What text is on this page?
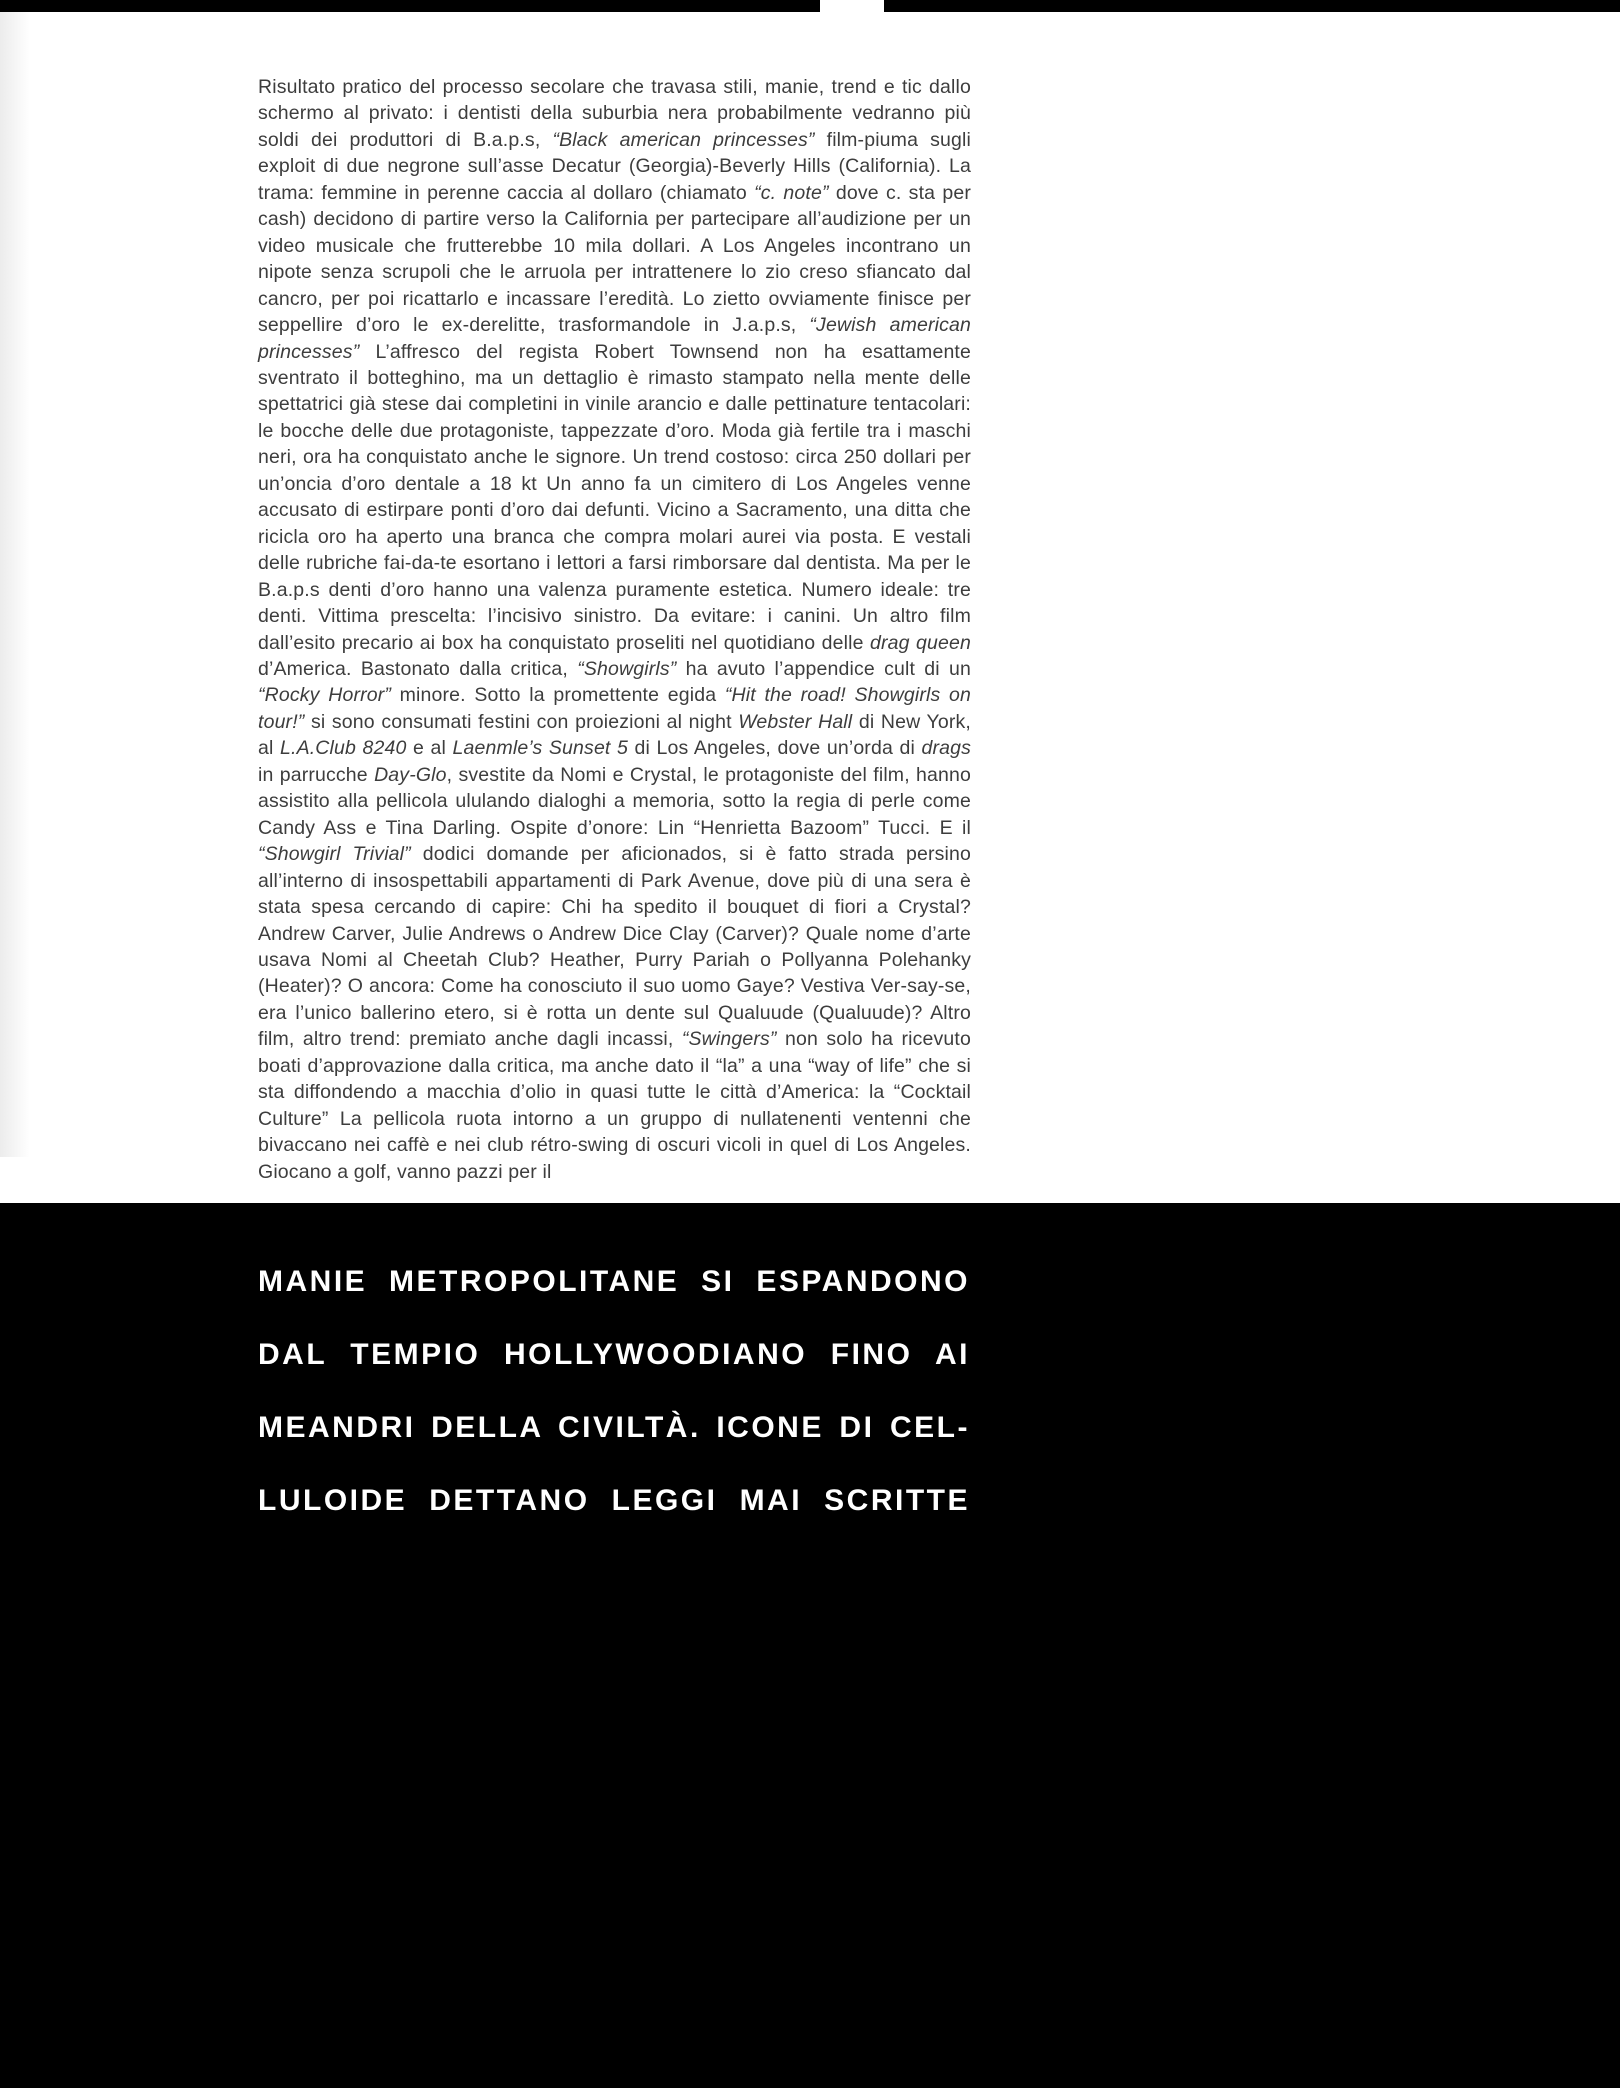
Risultato pratico del processo secolare che travasa stili, manie, trend e tic dallo schermo al privato: i dentisti della suburbia nera probabilmente vedranno più soldi dei produttori di B.a.p.s, “Black american princesses” film-piuma sugli exploit di due negrone sull’asse Decatur (Georgia)-Beverly Hills (California). La trama: femmine in perenne caccia al dollaro (chiamato “c. note” dove c. sta per cash) decidono di partire verso la California per partecipare all’audizione per un video musicale che frutterebbe 10 mila dollari. A Los Angeles incontrano un nipote senza scrupoli che le arruola per intrattenere lo zio creso sfiancato dal cancro, per poi ricattarlo e incassare l’eredità. Lo zietto ovviamente finisce per seppellire d’oro le ex-derelitte, trasformandole in J.a.p.s, “Jewish american princesses” L’affresco del regista Robert Townsend non ha esattamente sventrato il botteghino, ma un dettaglio è rimasto stampato nella mente delle spettatrici già stese dai completini in vinile arancio e dalle pettinature tentacolari: le bocche delle due protagoniste, tappezzate d’oro. Moda già fertile tra i maschi neri, ora ha conquistato anche le signore. Un trend costoso: circa 250 dollari per un’oncia d’oro dentale a 18 kt Un anno fa un cimitero di Los Angeles venne accusato di estirpare ponti d’oro dai defunti. Vicino a Sacramento, una ditta che ricicla oro ha aperto una branca che compra molari aurei via posta. E vestali delle rubriche fai-da-te esortano i lettori a farsi rimborsare dal dentista. Ma per le B.a.p.s denti d’oro hanno una valenza puramente estetica. Numero ideale: tre denti. Vittima prescelta: l’incisivo sinistro. Da evitare: i canini. Un altro film dall’esito precario ai box ha conquistato proseliti nel quotidiano delle drag queen d’America. Bastonato dalla critica, “Showgirls” ha avuto l’appendice cult di un “Rocky Horror” minore. Sotto la promettente egida “Hit the road! Showgirls on tour!” si sono consumati festini con proiezioni al night Webster Hall di New York, al L.A.Club 8240 e al Laenmle’s Sunset 5 di Los Angeles, dove un’orda di drags in parrucche Day-Glo, svestite da Nomi e Crystal, le protagoniste del film, hanno assistito alla pellicola ululando dialoghi a memoria, sotto la regia di perle come Candy Ass e Tina Darling. Ospite d’onore: Lin “Henrietta Bazoom” Tucci. E il “Showgirl Trivial” dodici domande per aficionados, si è fatto strada persino all’interno di insospettabili appartamenti di Park Avenue, dove più di una sera è stata spesa cercando di capire: Chi ha spedito il bouquet di fiori a Crystal? Andrew Carver, Julie Andrews o Andrew Dice Clay (Carver)? Quale nome d’arte usava Nomi al Cheetah Club? Heather, Purry Pariah o Pollyanna Polehanky (Heater)? O ancora: Come ha conosciuto il suo uomo Gaye? Vestiva Ver-say-se, era l’unico ballerino etero, si è rotta un dente sul Qualuude (Qualuude)? Altro film, altro trend: premiato anche dagli incassi, “Swingers” non solo ha ricevuto boati d’approvazione dalla critica, ma anche dato il “la” a una “way of life” che si sta diffondendo a macchia d’olio in quasi tutte le città d’America: la “Cocktail Culture” La pellicola ruota intorno a un gruppo di nullatenenti ventenni che bivaccano nei caffè e nei club rétro-swing di oscuri vicoli in quel di Los Angeles. Giocano a golf, vanno pazzi per il
MANIE METROPOLITANE SI ESPANDONO
DAL TEMPIO HOLLYWOODIANO FINO AI
MEANDRI DELLA CIVILTÀ. ICONE DI CEL-
LULOIDE DETTANO LEGGI MAI SCRITTE
